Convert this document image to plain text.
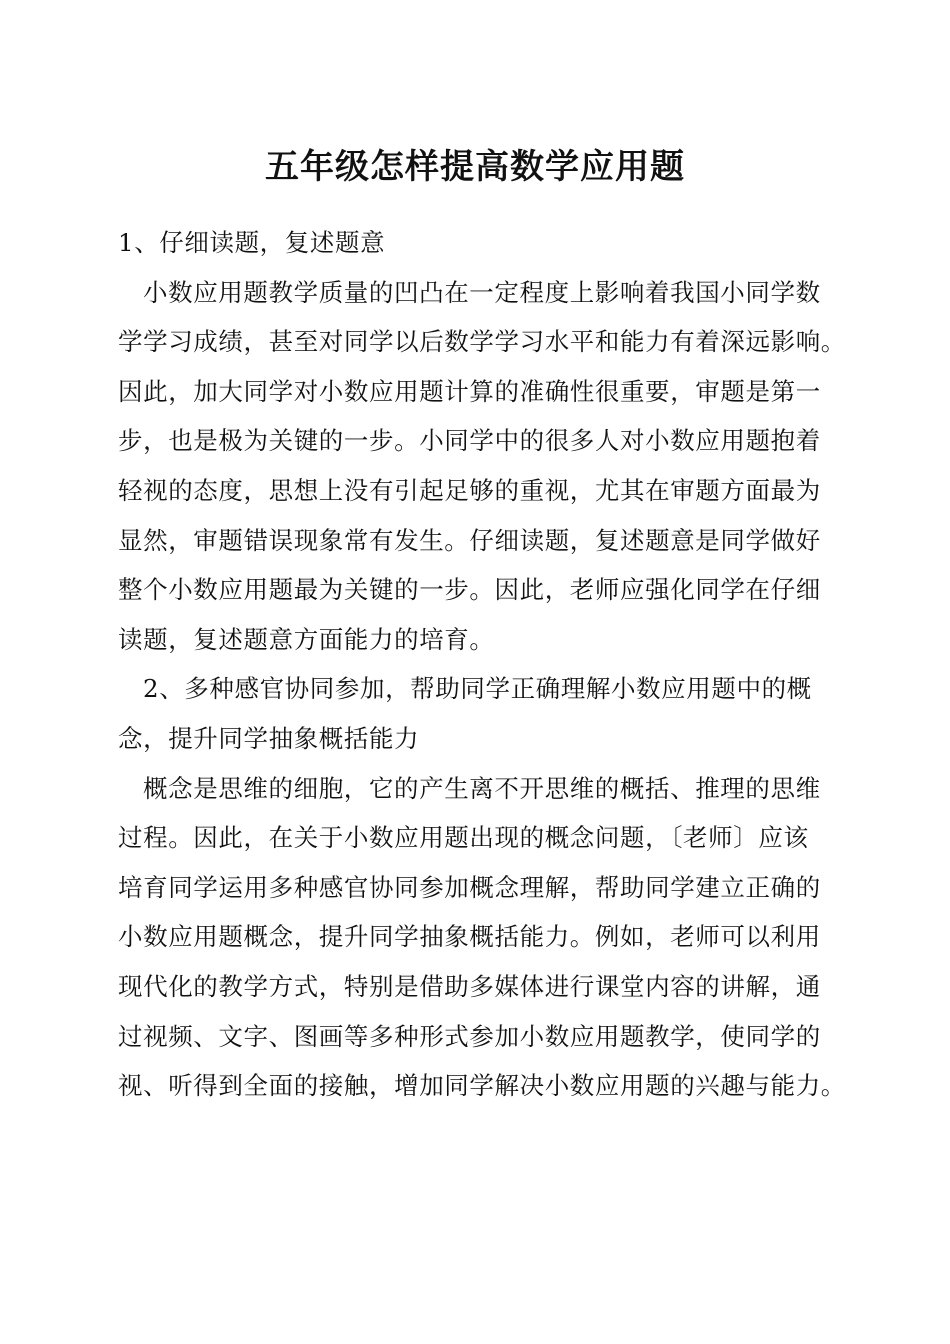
五年级怎样提高数学应用题
1、仔细读题，复述题意
小数应用题教学质量的凹凸在一定程度上影响着我国小同学数
学学习成绩，甚至对同学以后数学学习水平和能力有着深远影响。
因此，加大同学对小数应用题计算的准确性很重要，审题是第一
步，也是极为关键的一步。小同学中的很多人对小数应用题抱着
轻视的态度，思想上没有引起足够的重视，尤其在审题方面最为
显然，审题错误现象常有发生。仔细读题，复述题意是同学做好
整个小数应用题最为关键的一步。因此，老师应强化同学在仔细
读题，复述题意方面能力的培育。
2、多种感官协同参加，帮助同学正确理解小数应用题中的概
念，提升同学抽象概括能力
概念是思维的细胞，它的产生离不开思维的概括、推理的思维
过程。因此，在关于小数应用题出现的概念问题，〔老师〕应该
培育同学运用多种感官协同参加概念理解，帮助同学建立正确的
小数应用题概念，提升同学抽象概括能力。例如，老师可以利用
现代化的教学方式，特别是借助多媒体进行课堂内容的讲解，通
过视频、文字、图画等多种形式参加小数应用题教学，使同学的
视、听得到全面的接触，增加同学解决小数应用题的兴趣与能力。
